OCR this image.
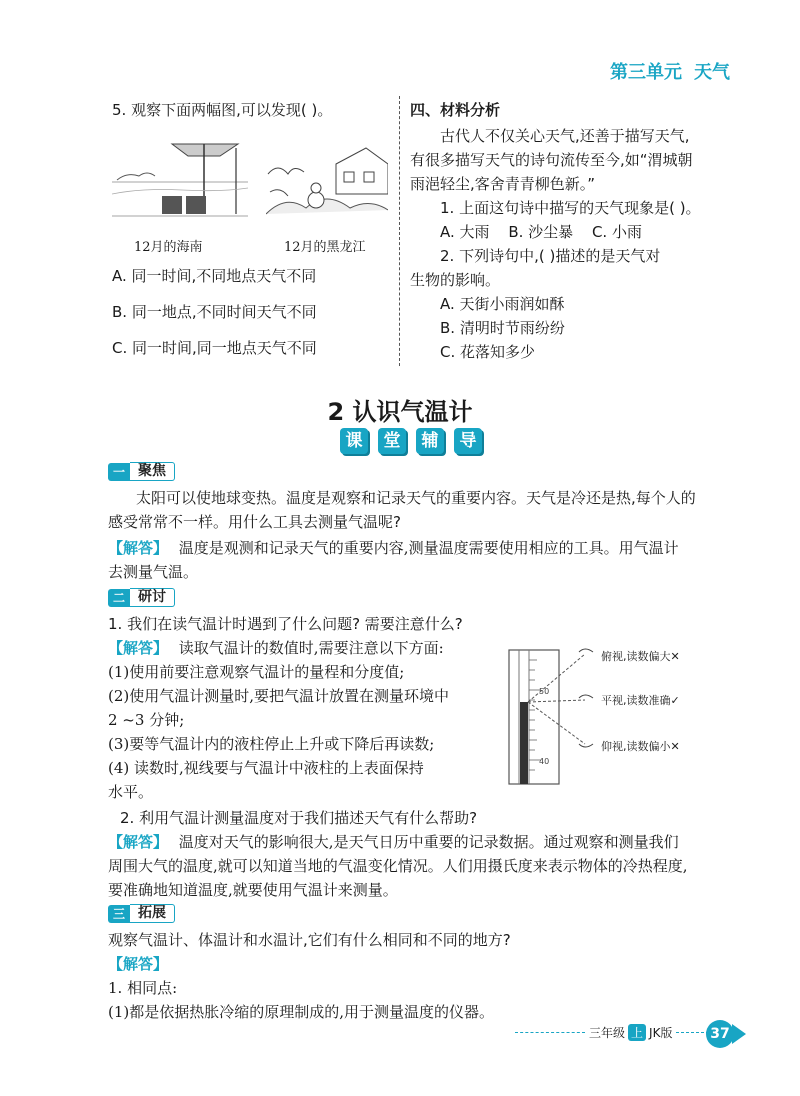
第三单元 天气
5. 观察下面两幅图,可以发现( )。
12月的海南	12月的黑龙江
A. 同一时间,不同地点天气不同
B. 同一地点,不同时间天气不同
C. 同一时间,同一地点天气不同
四、材料分析
古代人不仅关心天气,还善于描写天气,
有很多描写天气的诗句流传至今,如“渭城朝
雨浥轻尘,客舍青青柳色新。”
1. 上面这句诗中描写的天气现象是( )。
A. 大雨 B. 沙尘暴 C. 小雨
2. 下列诗句中,( )描述的是天气对
生物的影响。
A. 天街小雨润如酥
B. 清明时节雨纷纷
C. 花落知多少
2 认识气温计
课	堂	辅	导
一 聚焦
太阳可以使地球变热。温度是观察和记录天气的重要内容。天气是冷还是热,每个人的
感受常常不一样。用什么工具去测量气温呢?
【解答】 温度是观测和记录天气的重要内容,测量温度需要使用相应的工具。用气温计
去测量气温。
二 研讨
1. 我们在读气温计时遇到了什么问题? 需要注意什么?
【解答】 读取气温计的数值时,需要注意以下方面:
(1)使用前要注意观察气温计的量程和分度值;
(2)使用气温计测量时,要把气温计放置在测量环境中
2 ~3 分钟;
(3)要等气温计内的液柱停止上升或下降后再读数;
(4) 读数时,视线要与气温计中液柱的上表面保持
水平。
50
40
俯视,读数偏大✕
平视,读数准确✓
仰视,读数偏小✕
2. 利用气温计测量温度对于我们描述天气有什么帮助?
【解答】 温度对天气的影响很大,是天气日历中重要的记录数据。通过观察和测量我们
周围大气的温度,就可以知道当地的气温变化情况。人们用摄氏度来表示物体的冷热程度,
要准确地知道温度,就要使用气温计来测量。
三 拓展
观察气温计、体温计和水温计,它们有什么相同和不同的地方?
【解答】
1. 相同点:
(1)都是依据热胀冷缩的原理制成的,用于测量温度的仪器。
三年级 上 JK版	37
